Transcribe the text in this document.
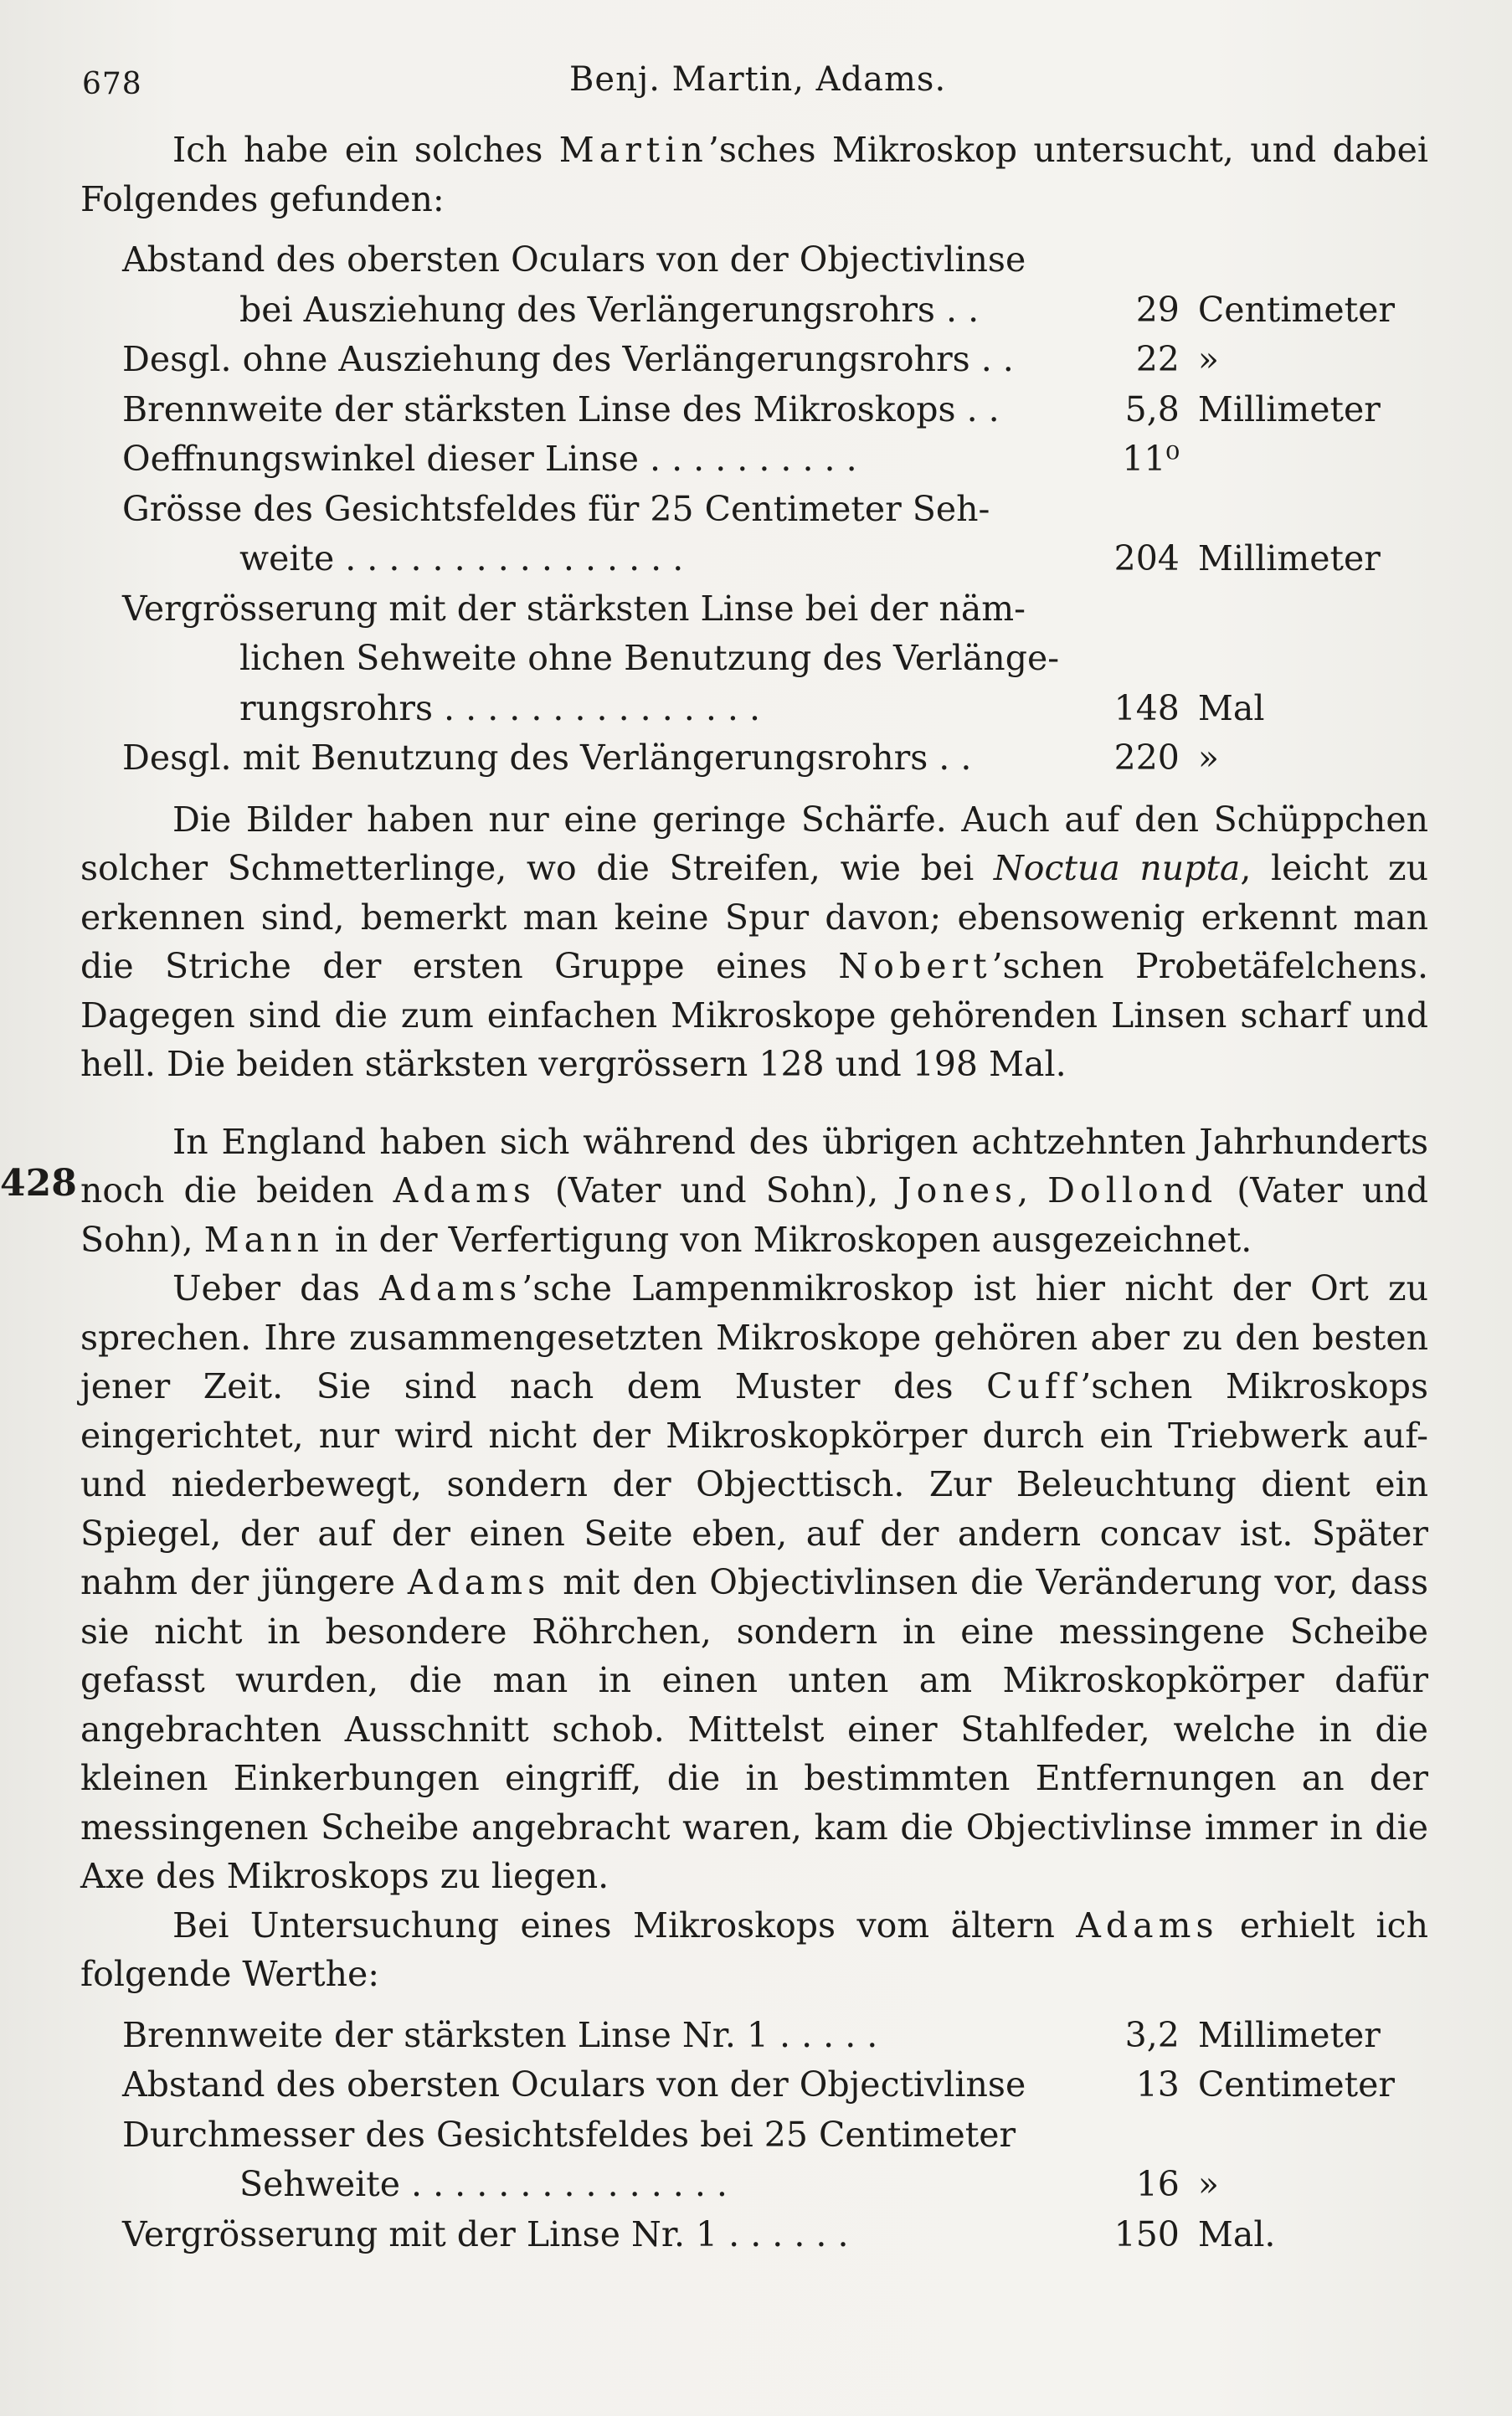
678	Benj. Martin, Adams.
428

Ich habe ein solches Martin’sches Mikroskop untersucht, und dabei Folgendes gefunden:

Abstand des obersten Oculars von der Objectivlinse		
bei Ausziehung des Verlängerungsrohrs . .	29	Centimeter
Desgl. ohne Ausziehung des Verlängerungsrohrs . .	22	»
Brennweite der stärksten Linse des Mikroskops . .	5,8	Millimeter
Oeffnungswinkel dieser Linse . . . . . . . . . .	11⁰	
Grösse des Gesichtsfeldes für 25 Centimeter Seh-		
weite . . . . . . . . . . . . . . . .	204	Millimeter
Vergrösserung mit der stärksten Linse bei der näm-		
lichen Sehweite ohne Benutzung des Verlänge-		
rungsrohrs . . . . . . . . . . . . . . .	148	Mal
Desgl. mit Benutzung des Verlängerungsrohrs . .	220	»

Die Bilder haben nur eine geringe Schärfe. Auch auf den Schüppchen solcher Schmetterlinge, wo die Streifen, wie bei Noctua nupta, leicht zu erkennen sind, bemerkt man keine Spur davon; ebensowenig erkennt man die Striche der ersten Gruppe eines Nobert’schen Probetäfelchens. Dagegen sind die zum einfachen Mikroskope gehörenden Linsen scharf und hell. Die beiden stärksten vergrössern 128 und 198 Mal.

In England haben sich während des übrigen achtzehnten Jahrhunderts noch die beiden Adams (Vater und Sohn), Jones, Dollond (Vater und Sohn), Mann in der Verfertigung von Mikroskopen ausgezeichnet.

Ueber das Adams’sche Lampenmikroskop ist hier nicht der Ort zu sprechen. Ihre zusammengesetzten Mikroskope gehören aber zu den besten jener Zeit. Sie sind nach dem Muster des Cuff’schen Mikroskops eingerichtet, nur wird nicht der Mikroskopkörper durch ein Triebwerk auf- und niederbewegt, sondern der Objecttisch. Zur Beleuchtung dient ein Spiegel, der auf der einen Seite eben, auf der andern concav ist. Später nahm der jüngere Adams mit den Objectivlinsen die Veränderung vor, dass sie nicht in besondere Röhrchen, sondern in eine messingene Scheibe gefasst wurden, die man in einen unten am Mikroskopkörper dafür angebrachten Ausschnitt schob. Mittelst einer Stahlfeder, welche in die kleinen Einkerbungen eingriff, die in bestimmten Entfernungen an der messingenen Scheibe angebracht waren, kam die Objectivlinse immer in die Axe des Mikroskops zu liegen.

Bei Untersuchung eines Mikroskops vom ältern Adams erhielt ich folgende Werthe:

Brennweite der stärksten Linse Nr. 1 . . . . .	3,2	Millimeter
Abstand des obersten Oculars von der Objectivlinse	13	Centimeter
Durchmesser des Gesichtsfeldes bei 25 Centimeter		
Sehweite . . . . . . . . . . . . . . .	16	»
Vergrösserung mit der Linse Nr. 1 . . . . . .	150	Mal.
